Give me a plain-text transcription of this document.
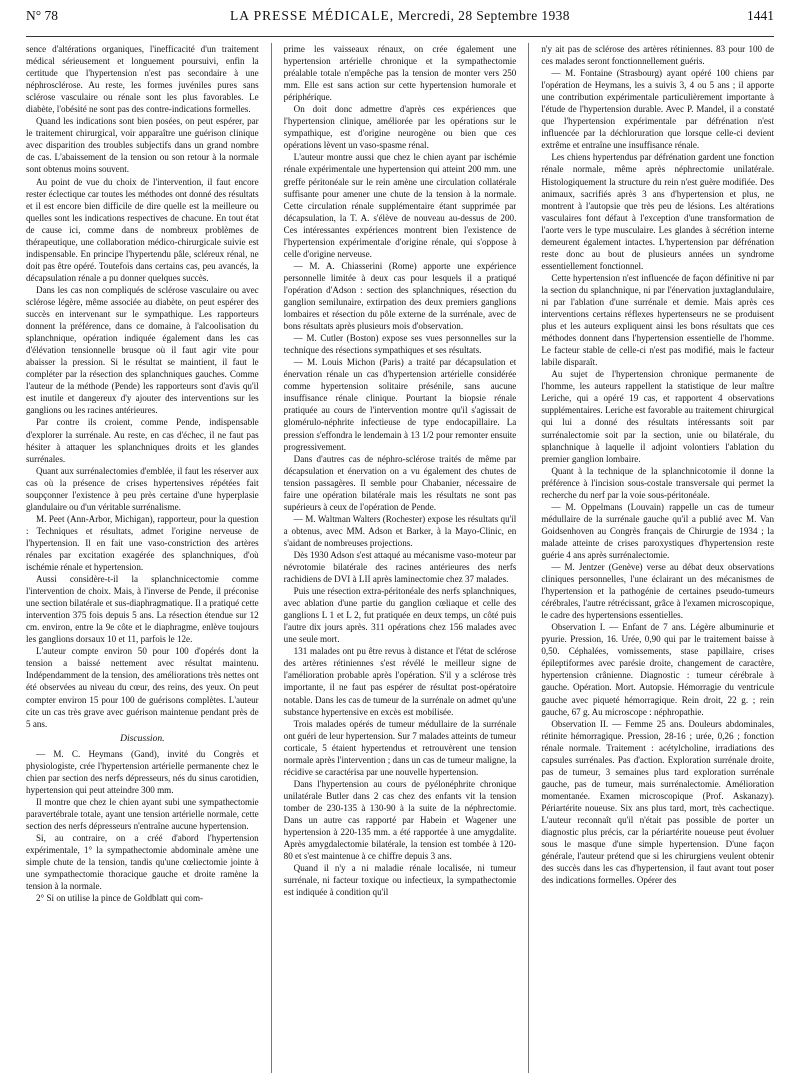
N° 78	LA PRESSE MÉDICALE, Mercredi, 28 Septembre 1938	1441

sence d'altérations organiques, l'inefficacité d'un traitement médical sérieusement et longuement poursuivi, enfin la certitude que l'hypertension n'est pas secondaire à une néphrosclérose. Au reste, les formes juvéniles pures sans sclérose vasculaire ou rénale sont les plus favorables. Le diabète, l'obésité ne sont pas des contre-indications formelles.

Quand les indications sont bien posées, on peut espérer, par le traitement chirurgical, voir apparaître une guérison clinique avec disparition des troubles subjectifs dans un grand nombre de cas. L'abaissement de la tension ou son retour à la normale sont obtenus moins souvent.

Au point de vue du choix de l'intervention, il faut encore rester éclectique car toutes les méthodes ont donné des résultats et il est encore bien difficile de dire quelle est la meilleure ou quelles sont les indications respectives de chacune. En tout état de cause ici, comme dans de nombreux problèmes de thérapeutique, une collaboration médico-chirurgicale suivie est indispensable. En principe l'hypertendu pâle, scléreux rénal, ne doit pas être opéré. Toutefois dans certains cas, peu avancés, la décapsulation rénale a pu donner quelques succès.

Dans les cas non compliqués de sclérose vasculaire ou avec sclérose légère, même associée au diabète, on peut espérer des succès en intervenant sur le sympathique. Les rapporteurs donnent la préférence, dans ce domaine, à l'alcoolisation du splanchnique, opération indiquée également dans les cas d'élévation tensionnelle brusque où il faut agir vite pour abaisser la pression. Si le résultat se maintient, il faut le compléter par la résection des splanchniques gauches. Comme l'auteur de la méthode (Pende) les rapporteurs sont d'avis qu'il est inutile et dangereux d'y ajouter des interventions sur les ganglions ou les racines antérieures.

Par contre ils croient, comme Pende, indispensable d'explorer la surrénale. Au reste, en cas d'échec, il ne faut pas hésiter à attaquer les splanchniques droits et les glandes surrénales.

Quant aux surrénalectomies d'emblée, il faut les réserver aux cas où la présence de crises hypertensives répétées fait soupçonner l'existence à peu près certaine d'une hyperplasie glandulaire ou d'un véritable surrénalisme.

M. Peet (Ann-Arbor, Michigan), rapporteur, pour la question : Techniques et résultats, admet l'origine nerveuse de l'hypertension. Il en fait une vaso-constriction des artères rénales par excitation exagérée des splanchniques, d'où ischémie rénale et hypertension.

Aussi considère-t-il la splanchnicectomie comme l'intervention de choix. Mais, à l'inverse de Pende, il préconise une section bilatérale et sus-diaphragmatique. Il a pratiqué cette intervention 375 fois depuis 5 ans. La résection étendue sur 12 cm. environ, entre la 9e côte et le diaphragme, enlève toujours les ganglions dorsaux 10 et 11, parfois le 12e.

L'auteur compte environ 50 pour 100 d'opérés dont la tension a baissé nettement avec résultat maintenu. Indépendamment de la tension, des améliorations très nettes ont été observées au niveau du cœur, des reins, des yeux. On peut compter environ 15 pour 100 de guérisons complètes. L'auteur cite un cas très grave avec guérison maintenue pendant près de 5 ans.

Discussion.

— M. C. Heymans (Gand), invité du Congrès et physiologiste, crée l'hypertension artérielle permanente chez le chien par section des nerfs dépresseurs, nés du sinus carotidien, hypertension qui peut atteindre 300 mm.

Il montre que chez le chien ayant subi une sympathectomie paravertébrale totale, ayant une tension artérielle normale, cette section des nerfs dépresseurs n'entraîne aucune hypertension.

Si, au contraire, on a créé d'abord l'hypertension expérimentale, 1° la sympathectomie abdominale amène une simple chute de la tension, tandis qu'une cœliectomie jointe à une sympathectomie thoracique gauche et droite ramène la tension à la normale.

2° Si on utilise la pince de Goldblatt qui com-

prime les vaisseaux rénaux, on crée également une hypertension artérielle chronique et la sympathectomie préalable totale n'empêche pas la tension de monter vers 250 mm. Elle est sans action sur cette hypertension humorale et périphérique.

On doit donc admettre d'après ces expériences que l'hypertension clinique, améliorée par les opérations sur le sympathique, est d'origine neurogène ou bien que ces opérations lèvent un vaso-spasme rénal.

L'auteur montre aussi que chez le chien ayant par ischémie rénale expérimentale une hypertension qui atteint 200 mm. une greffe péritonéale sur le rein amène une circulation collatérale suffisante pour amener une chute de la tension à la normale. Cette circulation rénale supplémentaire étant supprimée par décapsulation, la T. A. s'élève de nouveau au-dessus de 200. Ces intéressantes expériences montrent bien l'existence de l'hypertension expérimentale d'origine rénale, qui s'oppose à celle d'origine nerveuse.

— M. A. Chiasserini (Rome) apporte une expérience personnelle limitée à deux cas pour lesquels il a pratiqué l'opération d'Adson : section des splanchniques, résection du ganglion semilunaire, extirpation des deux premiers ganglions lombaires et résection du pôle externe de la surrénale, avec de bons résultats après plusieurs mois d'observation.

— M. Cutler (Boston) expose ses vues personnelles sur la technique des résections sympathiques et ses résultats.

— M. Louis Michon (Paris) a traité par décapsulation et énervation rénale un cas d'hypertension artérielle considérée comme hypertension solitaire présénile, sans aucune insuffisance rénale clinique. Pourtant la biopsie rénale pratiquée au cours de l'intervention montre qu'il s'agissait de glomérulo-néphrite infectieuse de type endocapillaire. La pression s'effondra le lendemain à 13 1/2 pour remonter ensuite progressivement.

Dans d'autres cas de néphro-sclérose traités de même par décapsulation et énervation on a vu également des chutes de tension passagères. Il semble pour Chabanier, nécessaire de faire une opération bilatérale mais les résultats ne sont pas supérieurs à ceux de l'opération de Pende.

— M. Waltman Walters (Rochester) expose les résultats qu'il a obtenus, avec MM. Adson et Barker, à la Mayo-Clinic, en s'aidant de nombreuses projections.

Dès 1930 Adson s'est attaqué au mécanisme vaso-moteur par névrotomie bilatérale des racines antérieures des nerfs rachidiens de DVI à LII après laminectomie chez 37 malades.

Puis une résection extra-péritonéale des nerfs splanchniques, avec ablation d'une partie du ganglion cœliaque et celle des ganglions L 1 et L 2, fut pratiquée en deux temps, un côté puis l'autre dix jours après. 311 opérations chez 156 malades avec une seule mort.

131 malades ont pu être revus à distance et l'état de sclérose des artères rétiniennes s'est révélé le meilleur signe de l'amélioration probable après l'opération. S'il y a sclérose très importante, il ne faut pas espérer de résultat post-opératoire notable. Dans les cas de tumeur de la surrénale on admet qu'une substance hypertensive en excès est mobilisée.

Trois malades opérés de tumeur médullaire de la surrénale ont guéri de leur hypertension. Sur 7 malades atteints de tumeur corticale, 5 étaient hypertendus et retrouvèrent une tension normale après l'intervention ; dans un cas de tumeur maligne, la récidive se caractérisa par une nouvelle hypertension.

Dans l'hypertension au cours de pyélonéphrite chronique unilatérale Butler dans 2 cas chez des enfants vit la tension tomber de 230-135 à 130-90 à la suite de la néphrectomie. Dans un autre cas rapporté par Habein et Wagener une hypertension à 220-135 mm. a été rapportée à une amygdalite. Après amygdalectomie bilatérale, la tension est tombée à 120-80 et s'est maintenue à ce chiffre depuis 3 ans.

Quand il n'y a ni maladie rénale localisée, ni tumeur surrénale, ni facteur toxique ou infectieux, la sympathectomie est indiquée à condition qu'il

n'y ait pas de sclérose des artères rétiniennes. 83 pour 100 de ces malades seront fonctionnellement guéris.

— M. Fontaine (Strasbourg) ayant opéré 100 chiens par l'opération de Heymans, les a suivis 3, 4 ou 5 ans ; il apporte une contribution expérimentale particulièrement importante à l'étude de l'hypertension durable. Avec P. Mandel, il a constaté que l'hypertension expérimentale par défrénation n'est influencée par la déchloruration que lorsque celle-ci devient extrême et entraîne une insuffisance rénale.

Les chiens hypertendus par défrénation gardent une fonction rénale normale, même après néphrectomie unilatérale. Histologiquement la structure du rein n'est guère modifiée. Des animaux, sacrifiés après 3 ans d'hypertension et plus, ne montrent à l'autopsie que très peu de lésions. Les altérations vasculaires font défaut à l'exception d'une transformation de l'aorte vers le type musculaire. Les glandes à sécrétion interne demeurent également intactes. L'hypertension par défrénation reste donc au bout de plusieurs années un syndrome essentiellement fonctionnel.

Cette hypertension n'est influencée de façon définitive ni par la section du splanchnique, ni par l'énervation juxtaglandulaire, ni par l'ablation d'une surrénale et demie. Mais après ces interventions certains réflexes hypertenseurs ne se produisent plus et les auteurs expliquent ainsi les bons résultats que ces méthodes donnent dans l'hypertension essentielle de l'homme. Le facteur stable de celle-ci n'est pas modifié, mais le facteur labile disparaît.

Au sujet de l'hypertension chronique permanente de l'homme, les auteurs rappellent la statistique de leur maître Leriche, qui a opéré 19 cas, et rapportent 4 observations supplémentaires. Leriche est favorable au traitement chirurgical qui lui a donné des résultats intéressants soit par surrénalectomie soit par la section, unie ou bilatérale, du splanchnique à laquelle il adjoint volontiers l'ablation du premier ganglion lombaire.

Quant à la technique de la splanchnicotomie il donne la préférence à l'incision sous-costale transversale qui permet la recherche du nerf par la voie sous-péritonéale.

— M. Oppelmans (Louvain) rappelle un cas de tumeur médullaire de la surrénale gauche qu'il a publié avec M. Van Goidsenhoven au Congrès français de Chirurgie de 1934 ; la malade atteinte de crises paroxystiques d'hypertension reste guérie 4 ans après surrénalectomie.

— M. Jentzer (Genève) verse au débat deux observations cliniques personnelles, l'une éclairant un des mécanismes de l'hypertension et la pathogénie de certaines pseudo-tumeurs cérébrales, l'autre rétrécissant, grâce à l'examen microscopique, le cadre des hypertensions essentielles.

Observation I. — Enfant de 7 ans. Légère albuminurie et pyurie. Pression, 16. Urée, 0,90 qui par le traitement baisse à 0,50. Céphalées, vomissements, stase papillaire, crises épileptiformes avec parésie droite, changement de caractère, hypertension crânienne. Diagnostic : tumeur cérébrale à gauche. Opération. Mort. Autopsie. Hémorragie du ventricule gauche avec piqueté hémorragique. Rein droit, 22 g. ; rein gauche, 67 g. Au microscope : néphropathie.

Observation II. — Femme 25 ans. Douleurs abdominales, rétinite hémorragique. Pression, 28-16 ; urée, 0,26 ; fonction rénale normale. Traitement : acétylcholine, irradiations des capsules surrénales. Pas d'action. Exploration surrénale droite, pas de tumeur, 3 semaines plus tard exploration surrénale gauche, pas de tumeur, mais surrénalectomie. Amélioration momentanée. Examen microscopique (Prof. Askanazy). Périartérite noueuse. Six ans plus tard, mort, très cachectique. L'auteur reconnaît qu'il n'était pas possible de porter un diagnostic plus précis, car la périartérite noueuse peut évoluer sous le masque d'une simple hypertension. D'une façon générale, l'auteur prétend que si les chirurgiens veulent obtenir des succès dans les cas d'hypertension, il faut avant tout poser des indications formelles. Opérer des
